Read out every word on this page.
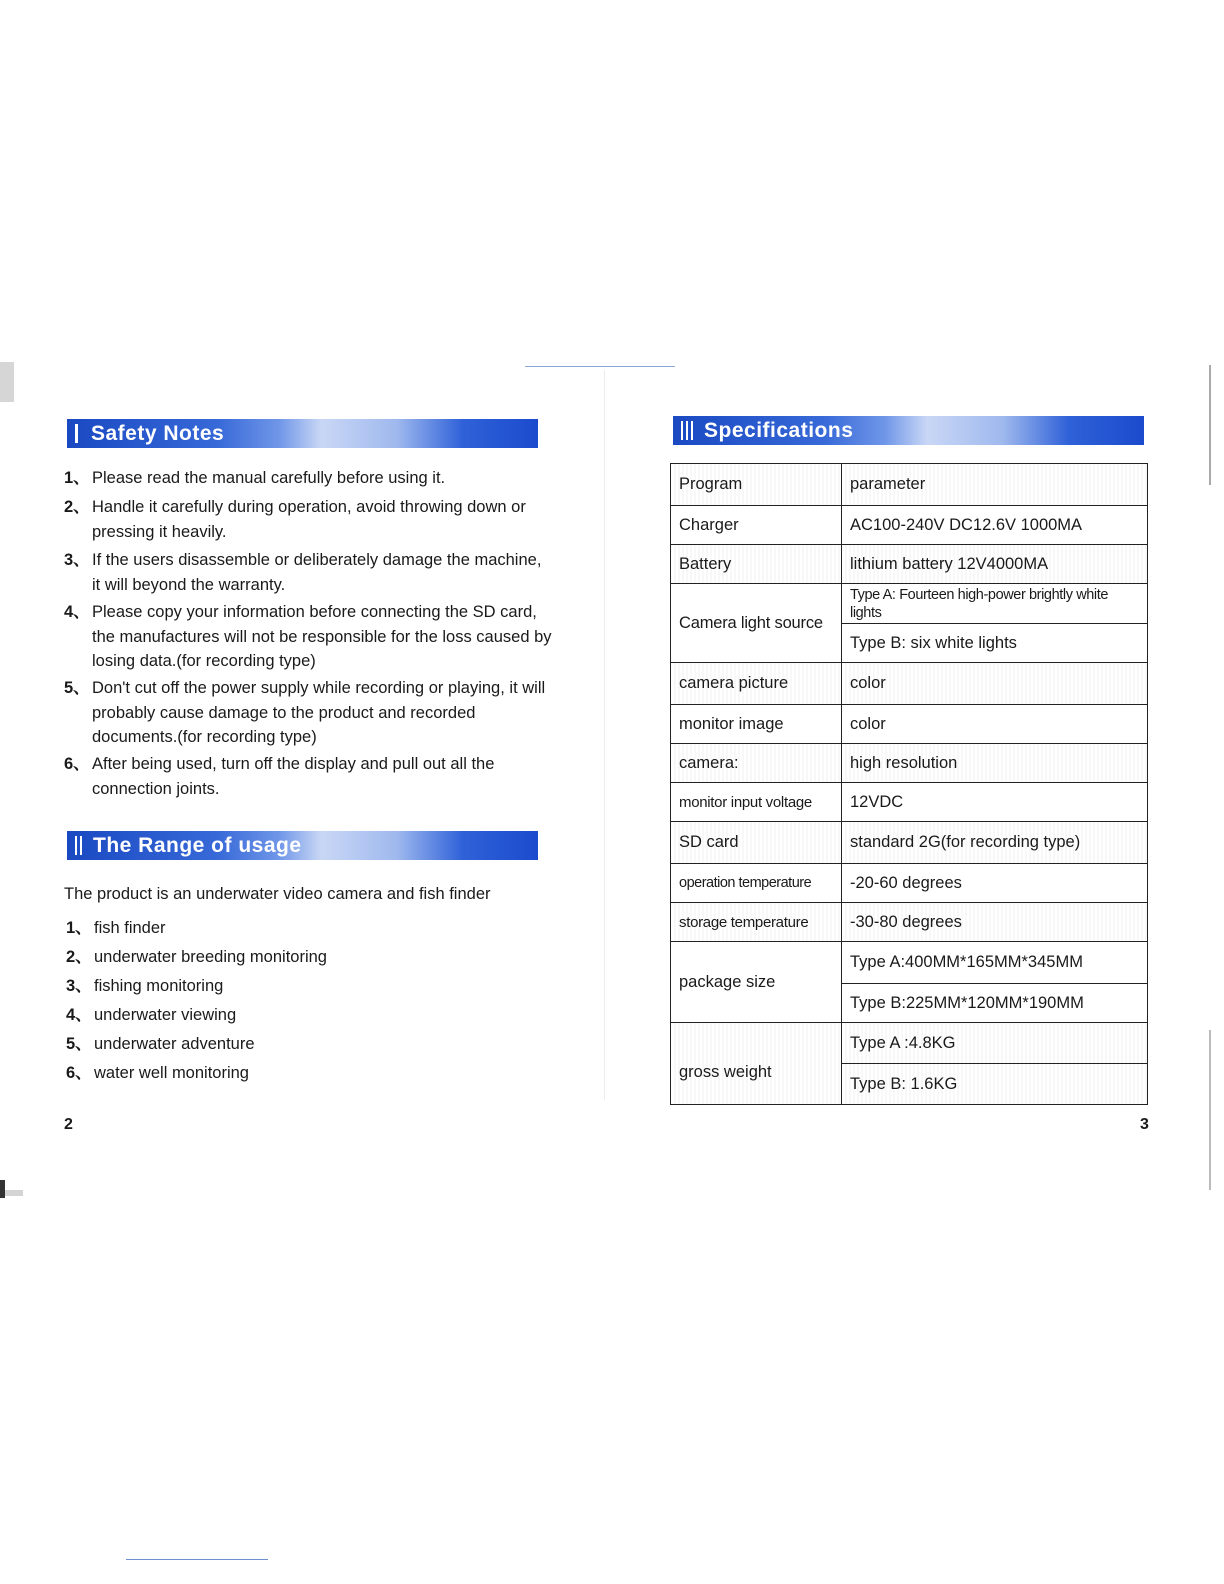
Safety Notes
1、 Please read the manual carefully before using it.
2、 Handle it carefully during operation, avoid throwing down or pressing it heavily.
3、 If the users disassemble or deliberately damage the machine, it will beyond the warranty.
4、 Please copy your information before connecting the SD card, the manufactures will not be responsible for the loss caused by losing data.(for recording type)
5、 Don't cut off the power supply while recording or playing, it will probably cause damage to the product and recorded documents.(for recording type)
6、 After being used, turn off the display and pull out all the connection joints.
The Range of usage
The product is an underwater video camera and fish finder
1、 fish finder
2、 underwater breeding monitoring
3、 fishing monitoring
4、 underwater viewing
5、 underwater adventure
6、 water well monitoring
2
Specifications
Program	parameter
Charger	AC100-240V DC12.6V 1000MA
Battery	lithium battery 12V4000MA
Camera light source	Type A: Fourteen high-power brightly white lights
	Type B: six white lights
camera picture	color
monitor image	color
camera:	high resolution
monitor input voltage	12VDC
SD card	standard 2G(for recording type)
operation temperature	-20-60 degrees
storage temperature	-30-80 degrees
package size	Type A:400MM*165MM*345MM
	Type B:225MM*120MM*190MM
gross weight	Type A :4.8KG
	Type B: 1.6KG
3
